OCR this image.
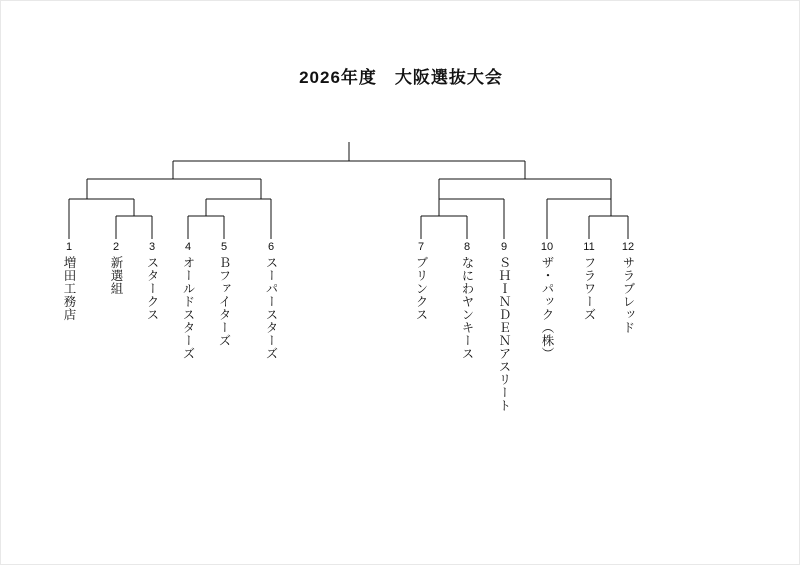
2026年度　大阪選抜大会
1
増田工務店
2
新選組
3
スタークス
4
オールドスターズ
5
Ｂファイターズ
6
スーパースターズ
7
ブリンクス
8
なにわヤンキース
9
ＳＨＩＮＤＥＮアスリート
10
ザ・パック（株）
11
フラワーズ
12
サラブレッド
